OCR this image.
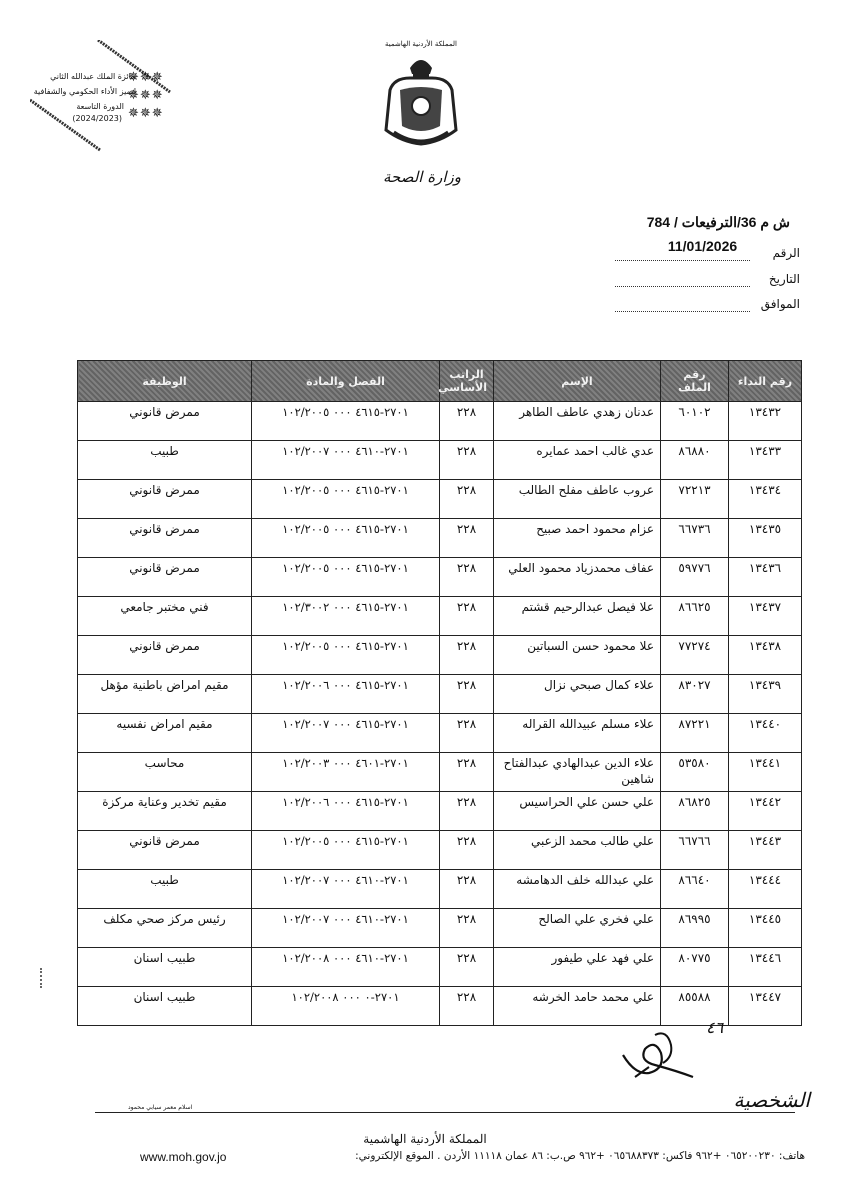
جائزة الملك عبدالله الثاني
لتميز الأداء الحكومي والشفافية
الدورة التاسعة
(2024/2023)
✵✵✵
✵✵✵
✵✵✵
المملكة الأردنية الهاشمية
وزارة الصحة
ش م 36/الترفيعات / 784
11/01/2026	الرقم
التاريخ
الموافق
رقم النداء	رقم الملف	الإسم	الراتب الأساسي	الفصل والمادة	الوظيفة
١٣٤٣٢	٦٠١٠٢	عدنان زهدي عاطف الطاهر	٢٢٨	٢٧٠١-٤٦١٥ ٠٠٠ ١٠٢/٢٠٠٥	ممرض قانوني
١٣٤٣٣	٨٦٨٨٠	عدي غالب احمد عمايره	٢٢٨	٢٧٠١-٤٦١٠ ٠٠٠ ١٠٢/٢٠٠٧	طبيب
١٣٤٣٤	٧٢٢١٣	عروب عاطف مفلح الطالب	٢٢٨	٢٧٠١-٤٦١٥ ٠٠٠ ١٠٢/٢٠٠٥	ممرض قانوني
١٣٤٣٥	٦٦٧٣٦	عزام محمود احمد صبيح	٢٢٨	٢٧٠١-٤٦١٥ ٠٠٠ ١٠٢/٢٠٠٥	ممرض قانوني
١٣٤٣٦	٥٩٧٧٦	عفاف محمدزياد محمود العلي	٢٢٨	٢٧٠١-٤٦١٥ ٠٠٠ ١٠٢/٢٠٠٥	ممرض قانوني
١٣٤٣٧	٨٦٦٢٥	علا فيصل عبدالرحيم قشتم	٢٢٨	٢٧٠١-٤٦١٥ ٠٠٠ ١٠٢/٣٠٠٢	فني مختبر جامعي
١٣٤٣٨	٧٧٢٧٤	علا محمود حسن السباتين	٢٢٨	٢٧٠١-٤٦١٥ ٠٠٠ ١٠٢/٢٠٠٥	ممرض قانوني
١٣٤٣٩	٨٣٠٢٧	علاء كمال صبحي نزال	٢٢٨	٢٧٠١-٤٦١٥ ٠٠٠ ١٠٢/٢٠٠٦	مقيم امراض باطنية مؤهل
١٣٤٤٠	٨٧٢٢١	علاء مسلم عبيدالله القراله	٢٢٨	٢٧٠١-٤٦١٥ ٠٠٠ ١٠٢/٢٠٠٧	مقيم امراض نفسيه
١٣٤٤١	٥٣٥٨٠	علاء الدين عبدالهادي عبدالفتاح شاهين	٢٢٨	٢٧٠١-٤٦٠١ ٠٠٠ ١٠٢/٢٠٠٣	محاسب
١٣٤٤٢	٨٦٨٢٥	علي حسن علي الحراسيس	٢٢٨	٢٧٠١-٤٦١٥ ٠٠٠ ١٠٢/٢٠٠٦	مقيم تخدير وعناية مركزة
١٣٤٤٣	٦٦٧٦٦	علي طالب محمد الزعبي	٢٢٨	٢٧٠١-٤٦١٥ ٠٠٠ ١٠٢/٢٠٠٥	ممرض قانوني
١٣٤٤٤	٨٦٦٤٠	علي عبدالله خلف الدهامشه	٢٢٨	٢٧٠١-٤٦١٠ ٠٠٠ ١٠٢/٢٠٠٧	طبيب
١٣٤٤٥	٨٦٩٩٥	علي فخري علي الصالح	٢٢٨	٢٧٠١-٤٦١٠ ٠٠٠ ١٠٢/٢٠٠٧	رئيس مركز صحي مكلف
١٣٤٤٦	٨٠٧٧٥	علي فهد علي طيفور	٢٢٨	٢٧٠١-٤٦١٠ ٠٠٠ ١٠٢/٢٠٠٨	طبيب اسنان
١٣٤٤٧	٨٥٥٨٨	علي محمد حامد الخرشه	٢٢٨	٢٧٠١-٠ ٠٠٠ ١٠٢/٢٠٠٨	طبيب اسنان
٤٦
الشخصية
اسلام معمر سيابي محمود
المملكة الأردنية الهاشمية
هاتف: ٠٦٥٢٠٠٢٣٠ +٩٦٢ فاكس: ٠٦٥٦٨٨٣٧٣ +٩٦٢ ص.ب: ٨٦ عمان ١١١١٨ الأردن . الموقع الإلكتروني:
www.moh.gov.jo
